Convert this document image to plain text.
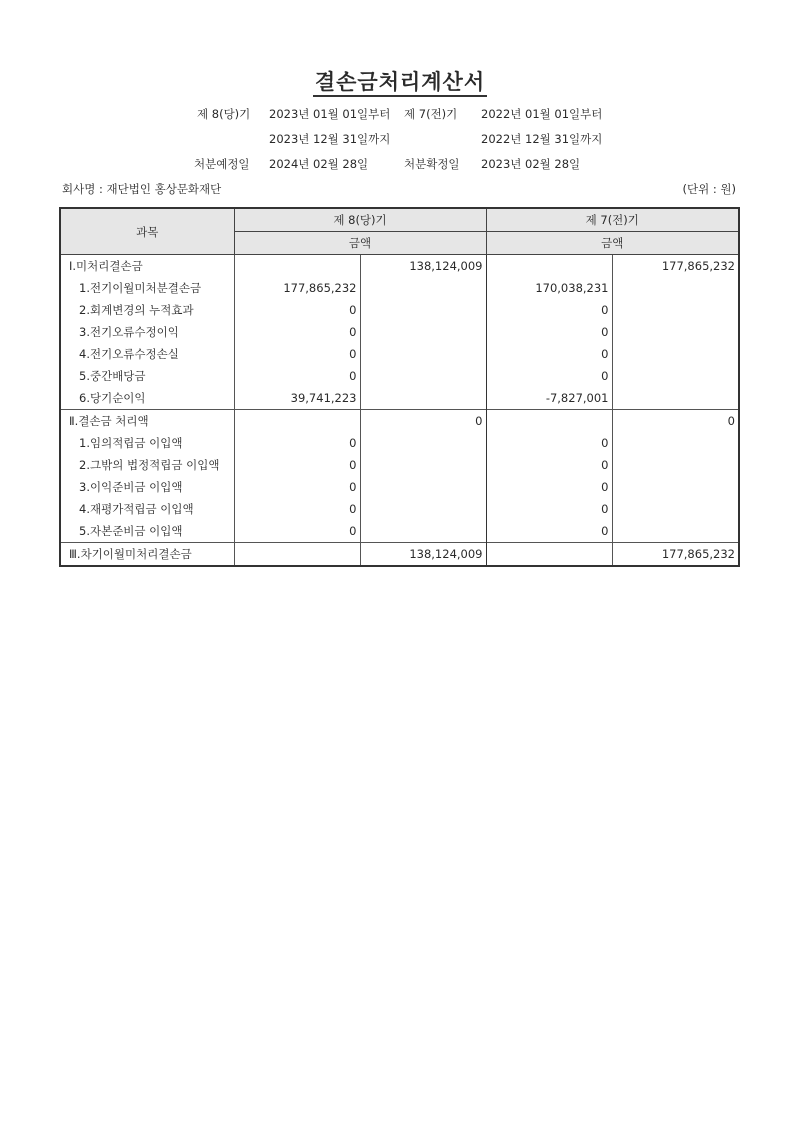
결손금처리계산서
제 8(당)기 2023년 01월 01일부터 제 7(전)기 2022년 01월 01일부터
2023년 12월 31일까지	2022년 12월 31일까지
처분예정일 2024년 02월 28일	처분확정일 2023년 02월 28일
회사명 : 재단법인 홍상문화재단	(단위 : 원)
과목	제 8(당)기		제 7(전)기	
	금액		금액	
Ⅰ.미처리결손금		138,124,009		177,865,232
1.전기이월미처분결손금	177,865,232		170,038,231	
2.회계변경의 누적효과	0		0	
3.전기오류수정이익	0		0	
4.전기오류수정손실	0		0	
5.중간배당금	0		0	
6.당기순이익	39,741,223		-7,827,001	
Ⅱ.결손금 처리액		0		0
1.임의적립금 이입액	0		0	
2.그밖의 법정적립금 이입액	0		0	
3.이익준비금 이입액	0		0	
4.재평가적립금 이입액	0		0	
5.자본준비금 이입액	0		0	
Ⅲ.차기이월미처리결손금		138,124,009		177,865,232
